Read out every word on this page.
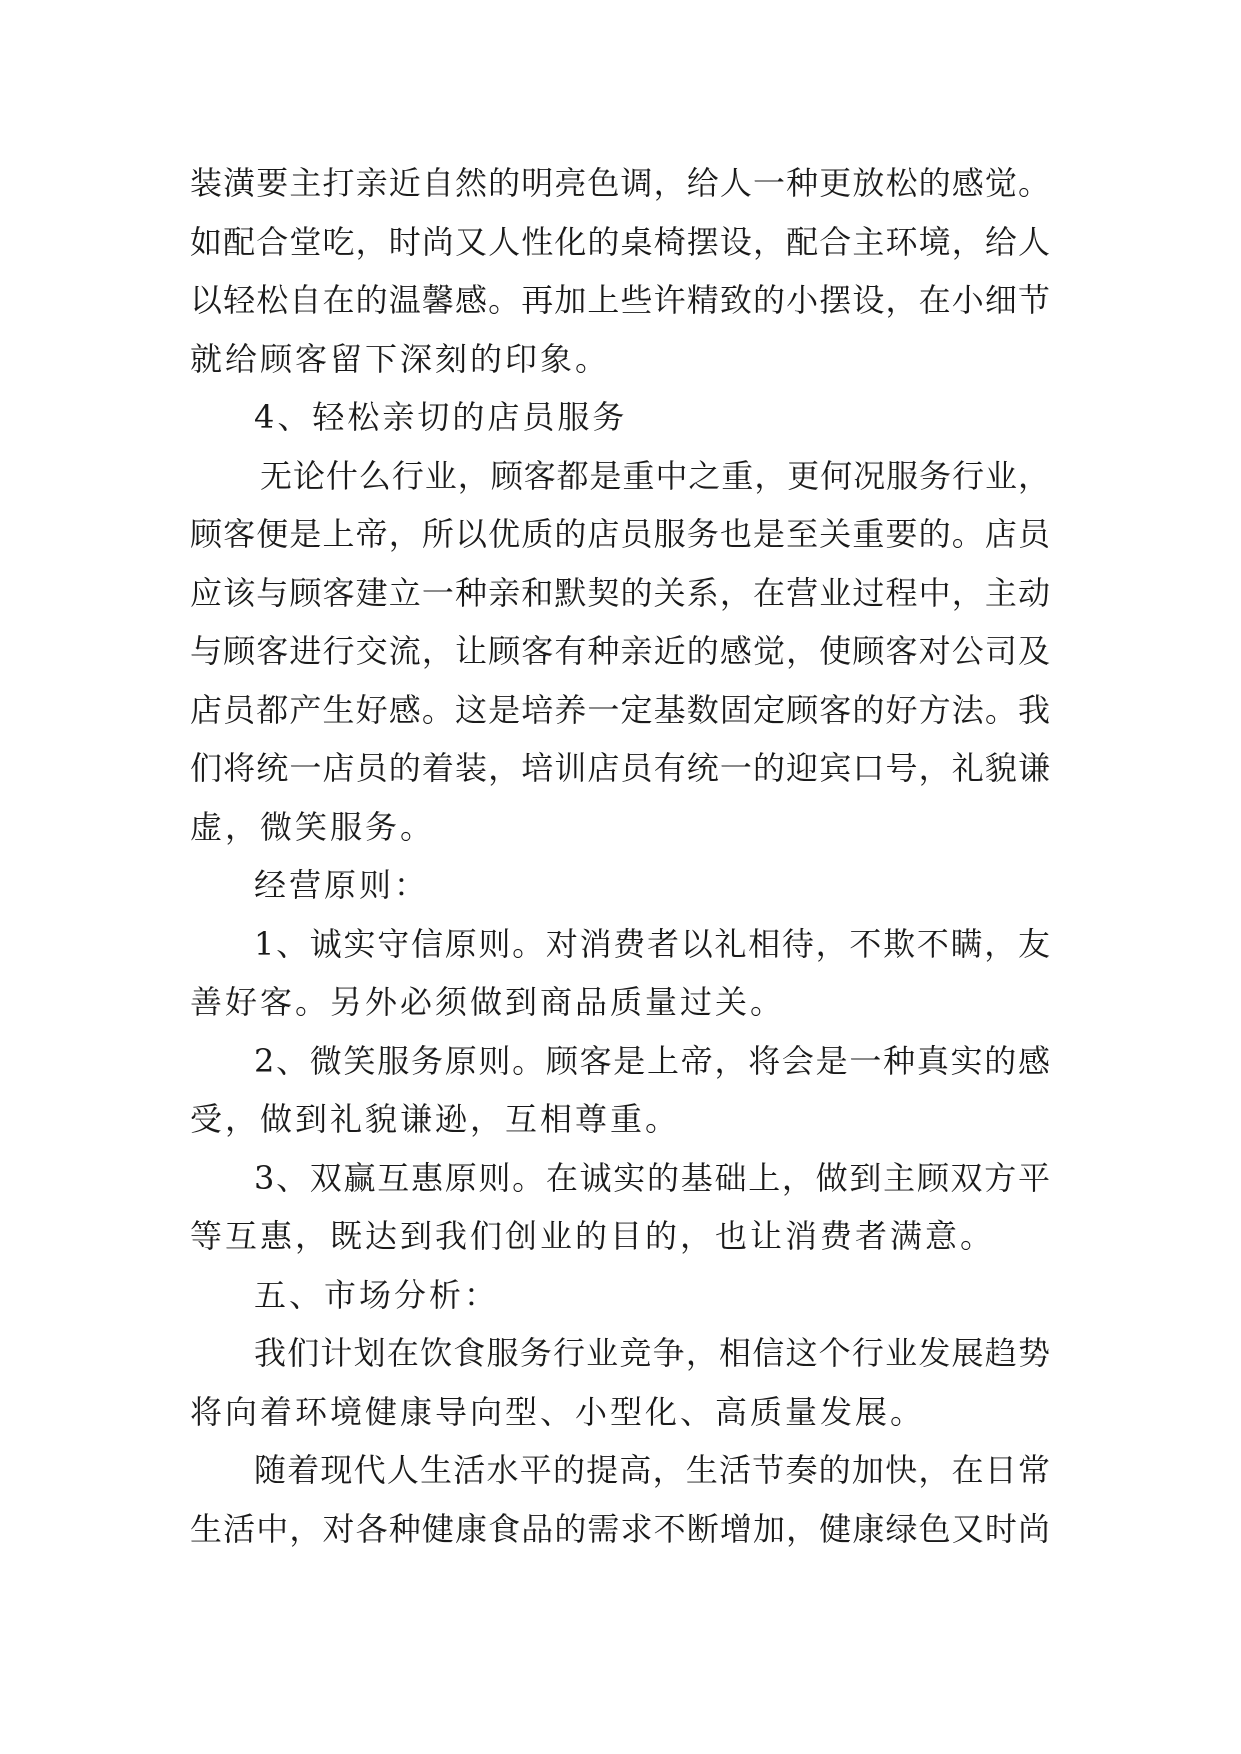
装潢要主打亲近自然的明亮色调，给人一种更放松的感觉。
如配合堂吃，时尚又人性化的桌椅摆设，配合主环境，给人
以轻松自在的温馨感。再加上些许精致的小摆设，在小细节
就给顾客留下深刻的印象。
4、轻松亲切的店员服务
无论什么行业，顾客都是重中之重，更何况服务行业，
顾客便是上帝，所以优质的店员服务也是至关重要的。店员
应该与顾客建立一种亲和默契的关系，在营业过程中，主动
与顾客进行交流，让顾客有种亲近的感觉，使顾客对公司及
店员都产生好感。这是培养一定基数固定顾客的好方法。我
们将统一店员的着装，培训店员有统一的迎宾口号，礼貌谦
虚，微笑服务。
经营原则：
1、诚实守信原则。对消费者以礼相待，不欺不瞒，友
善好客。另外必须做到商品质量过关。
2、微笑服务原则。顾客是上帝，将会是一种真实的感
受，做到礼貌谦逊，互相尊重。
3、双赢互惠原则。在诚实的基础上，做到主顾双方平
等互惠，既达到我们创业的目的，也让消费者满意。
五、市场分析：
我们计划在饮食服务行业竞争，相信这个行业发展趋势
将向着环境健康导向型、小型化、高质量发展。
随着现代人生活水平的提高，生活节奏的加快，在日常
生活中，对各种健康食品的需求不断增加，健康绿色又时尚
